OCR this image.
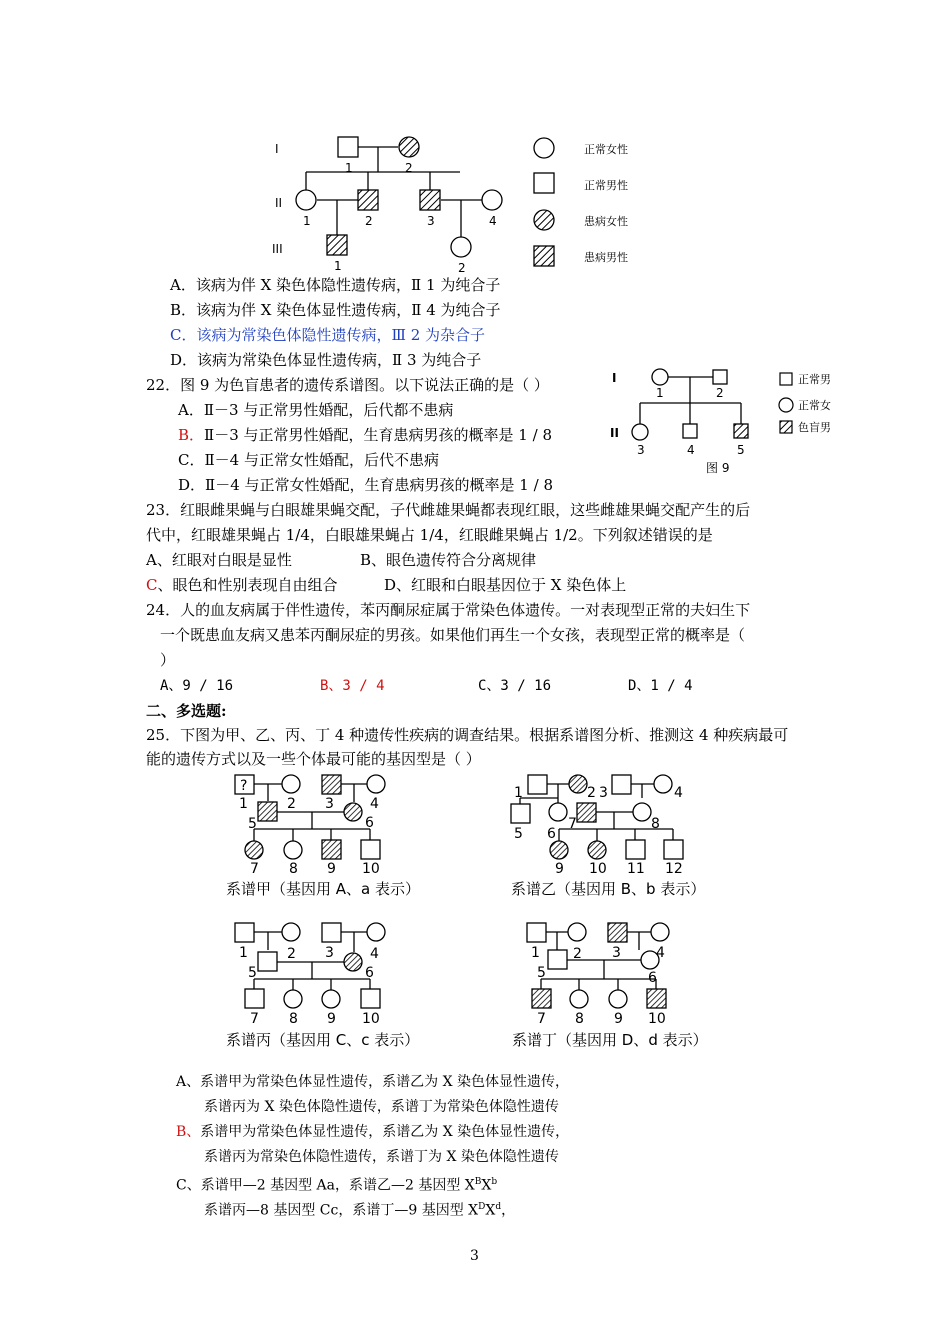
I
II
III
1	2
1	2	3	4
1	2
正常女性
正常男性
患病女性
患病男性
A．该病为伴 X 染色体隐性遗传病，Ⅱ 1 为纯合子
B．该病为伴 X 染色体显性遗传病，Ⅱ 4 为纯合子
C．该病为常染色体隐性遗传病，Ⅲ 2 为杂合子
D．该病为常染色体显性遗传病，Ⅱ 3 为纯合子
22．图 9 为色盲患者的遗传系谱图。以下说法正确的是（ ）
A．Ⅱ－3 与正常男性婚配，后代都不患病
B．Ⅱ－3 与正常男性婚配，生育患病男孩的概率是 1 / 8
C．Ⅱ－4 与正常女性婚配，后代不患病
D．Ⅱ－4 与正常女性婚配，生育患病男孩的概率是 1 / 8
I
II
1	2
3	4	5
图 9
正常男
正常女
色盲男
23．红眼雌果蝇与白眼雄果蝇交配，子代雌雄果蝇都表现红眼，这些雌雄果蝇交配产生的后
代中，红眼雄果蝇占 1/4，白眼雄果蝇占 1/4，红眼雌果蝇占 1/2。下列叙述错误的是
A、红眼对白眼是显性	B、眼色遗传符合分离规律
C、眼色和性别表现自由组合	D、红眼和白眼基因位于 X 染色体上
24．人的血友病属于伴性遗传，苯丙酮尿症属于常染色体遗传。一对表现型正常的夫妇生下
一个既患血友病又患苯丙酮尿症的男孩。如果他们再生一个女孩，表现型正常的概率是（
）
A、9 / 16	B、3 / 4	C、3 / 16	D、1 / 4
二、多选题:
25．下图为甲、乙、丙、丁 4 种遗传性疾病的调查结果。根据系谱图分析、推测这 4 种疾病最可
能的遗传方式以及一些个体最可能的基因型是（ ）
?
1	2 3	4
5	6
7 8 9 10
系谱甲（基因用 A、a 表示）
1	2 3	4
5 6
7	8
9 10 11 12
系谱乙（基因用 B、b 表示）
1	2 3	4
5	6
7 8 9 10
系谱丙（基因用 C、c 表示）
1 2 3	4
5	6
7 8 9 10
系谱丁（基因用 D、d 表示）
A、系谱甲为常染色体显性遗传，系谱乙为 X 染色体显性遗传，
系谱丙为 X 染色体隐性遗传，系谱丁为常染色体隐性遗传
B、系谱甲为常染色体显性遗传，系谱乙为 X 染色体显性遗传，
系谱丙为常染色体隐性遗传，系谱丁为 X 染色体隐性遗传
C、系谱甲—2 基因型 Aa，系谱乙—2 基因型 $X^BX^b$
系谱丙—8 基因型 Cc，系谱丁—9 基因型 $X^DX^d$，
3
